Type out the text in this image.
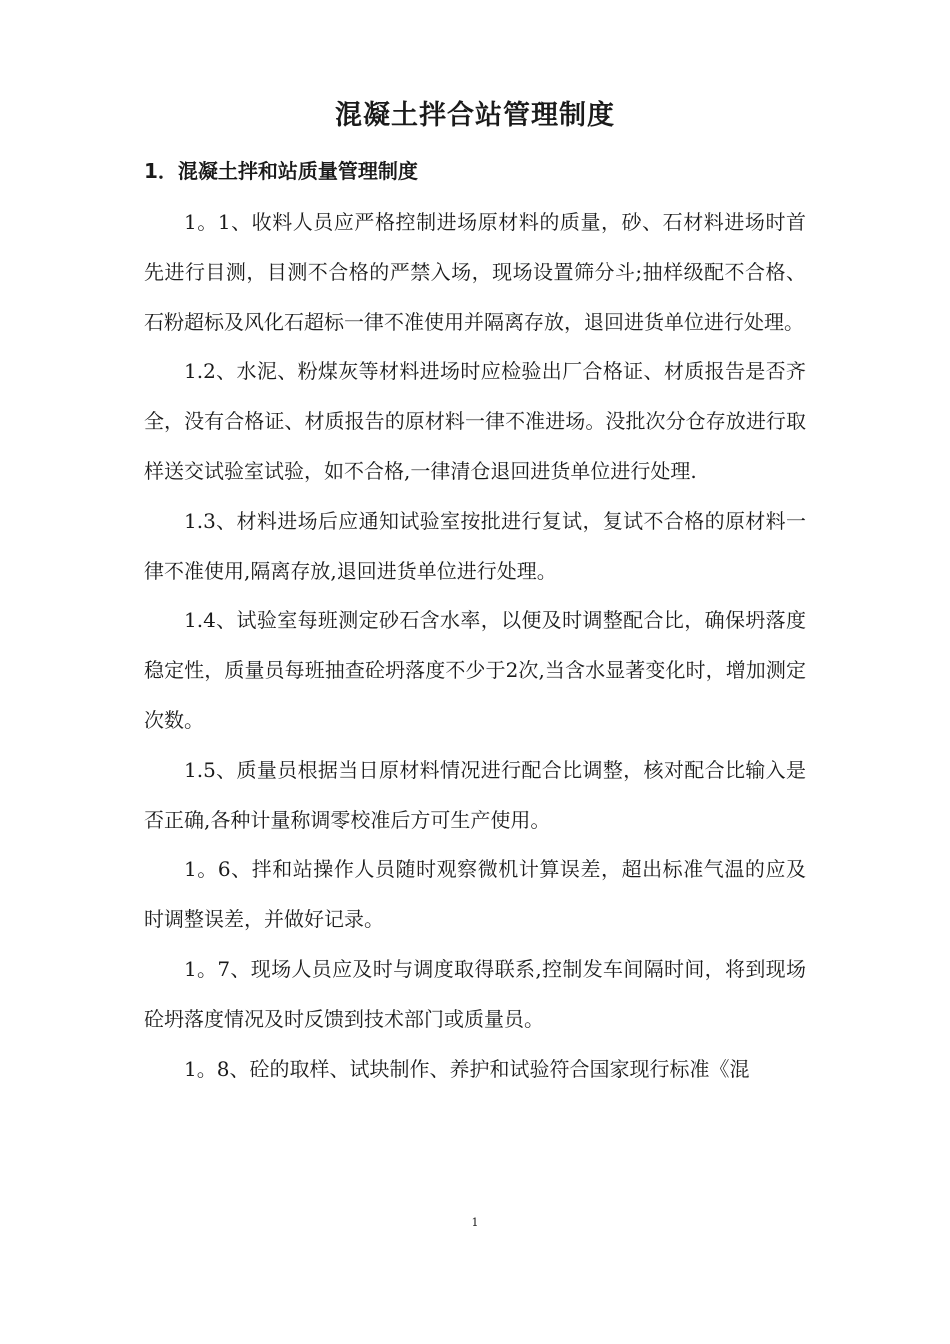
混凝土拌合站管理制度
1．混凝土拌和站质量管理制度

1。1、收料人员应严格控制进场原材料的质量，砂、石材料进场时首先进行目测，目测不合格的严禁入场，现场设置筛分斗;抽样级配不合格、石粉超标及风化石超标一律不准使用并隔离存放，退回进货单位进行处理。

1.2、水泥、粉煤灰等材料进场时应检验出厂合格证、材质报告是否齐全，没有合格证、材质报告的原材料一律不准进场。没批次分仓存放进行取样送交试验室试验，如不合格,一律清仓退回进货单位进行处理.

1.3、材料进场后应通知试验室按批进行复试，复试不合格的原材料一律不准使用,隔离存放,退回进货单位进行处理。

1.4、试验室每班测定砂石含水率，以便及时调整配合比，确保坍落度稳定性，质量员每班抽查砼坍落度不少于2次,当含水显著变化时，增加测定次数。

1.5、质量员根据当日原材料情况进行配合比调整，核对配合比输入是否正确,各种计量称调零校准后方可生产使用。

1。6、拌和站操作人员随时观察微机计算误差，超出标准气温的应及时调整误差，并做好记录。

1。7、现场人员应及时与调度取得联系,控制发车间隔时间，将到现场砼坍落度情况及时反馈到技术部门或质量员。

1。8、砼的取样、试块制作、养护和试验符合国家现行标准《混

1
